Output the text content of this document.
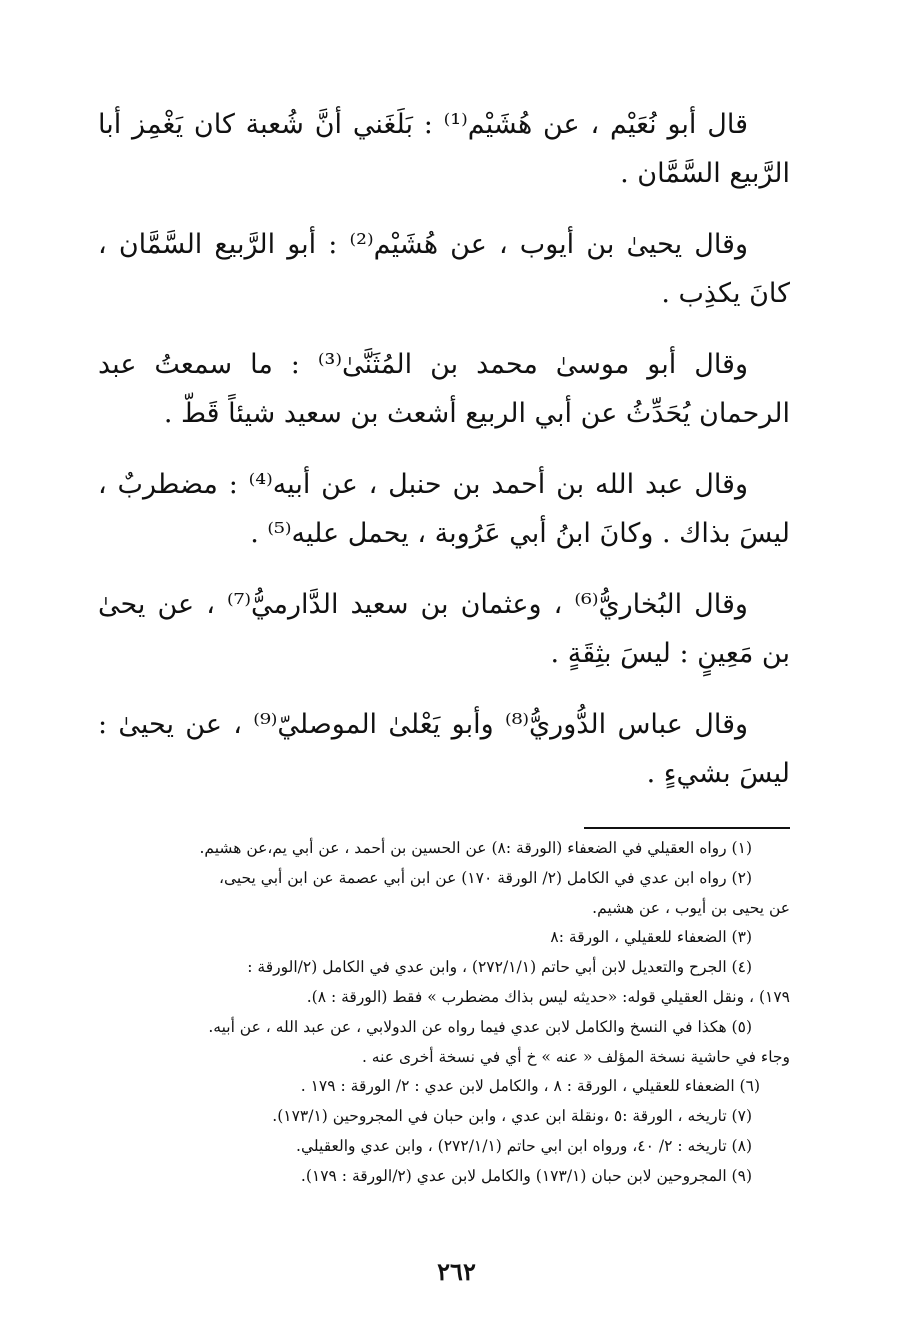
قال أبو نُعَيْم ، عن هُشَيْم⁽¹⁾ : بَلَغَني أنَّ شُعبة كان يَغْمِز أبا الرَّبيع السَّمَّان .

وقال يحيىٰ بن أيوب ، عن هُشَيْم⁽²⁾ : أبو الرَّبيع السَّمَّان ، كانَ يكذِب .

وقال أبو موسىٰ محمد بن المُثَنَّىٰ⁽³⁾ : ما سمعتُ عبد الرحمان يُحَدِّثُ عن أبي الربيع أشعث بن سعيد شيئاً قَطّ .

وقال عبد الله بن أحمد بن حنبل ، عن أبيه⁽⁴⁾ : مضطربٌ ، ليسَ بذاك . وكانَ ابنُ أبي عَرُوبة ، يحمل عليه⁽⁵⁾ .

وقال البُخاريُّ⁽⁶⁾ ، وعثمان بن سعيد الدَّارميُّ⁽⁷⁾ ، عن يحىٰ بن مَعِينٍ : ليسَ بثِقَةٍ .

وقال عباس الدُّوريُّ⁽⁸⁾ وأبو يَعْلىٰ الموصليّ⁽⁹⁾ ، عن يحيىٰ : ليسَ بشيءٍ .

(١) رواه العقيلي في الضعفاء (الورقة :٨) عن الحسين بن أحمد ، عن أبي يم،عن هشيم.

(٢) رواه ابن عدي في الكامل (٢/ الورقة ١٧٠) عن ابن أبي عصمة عن ابن أبي يحيى،

عن يحيى بن أيوب ، عن هشيم.

(٣) الضعفاء للعقيلي ، الورقة :٨

(٤) الجرح والتعديل لابن أبي حاتم (٢٧٢/١/١) ، وابن عدي في الكامل (٢/الورقة :

١٧٩) ، ونقل العقيلي قوله: «حديثه ليس بذاك مضطرب » فقط (الورقة : ٨).

(٥) هكذا في النسخ والكامل لابن عدي فيما رواه عن الدولابي ، عن عبد الله ، عن أبيه.

وجاء في حاشية نسخة المؤلف « عنه » خ أي في نسخة أخرى عنه .

(٦) الضعفاء للعقيلي ، الورقة : ٨ ، والكامل لابن عدي : ٢/ الورقة : ١٧٩ .

(٧) تاريخه ، الورقة :٥ ،ونقلة ابن عدي ، وابن حبان في المجروحين (١٧٣/١).

(٨) تاريخه : ٢/ ٤٠، ورواه ابن ابي حاتم (٢٧٢/١/١) ، وابن عدي والعقيلي.

(٩) المجروحين لابن حبان (١٧٣/١) والكامل لابن عدي (٢/الورقة : ١٧٩).

٢٦٢
